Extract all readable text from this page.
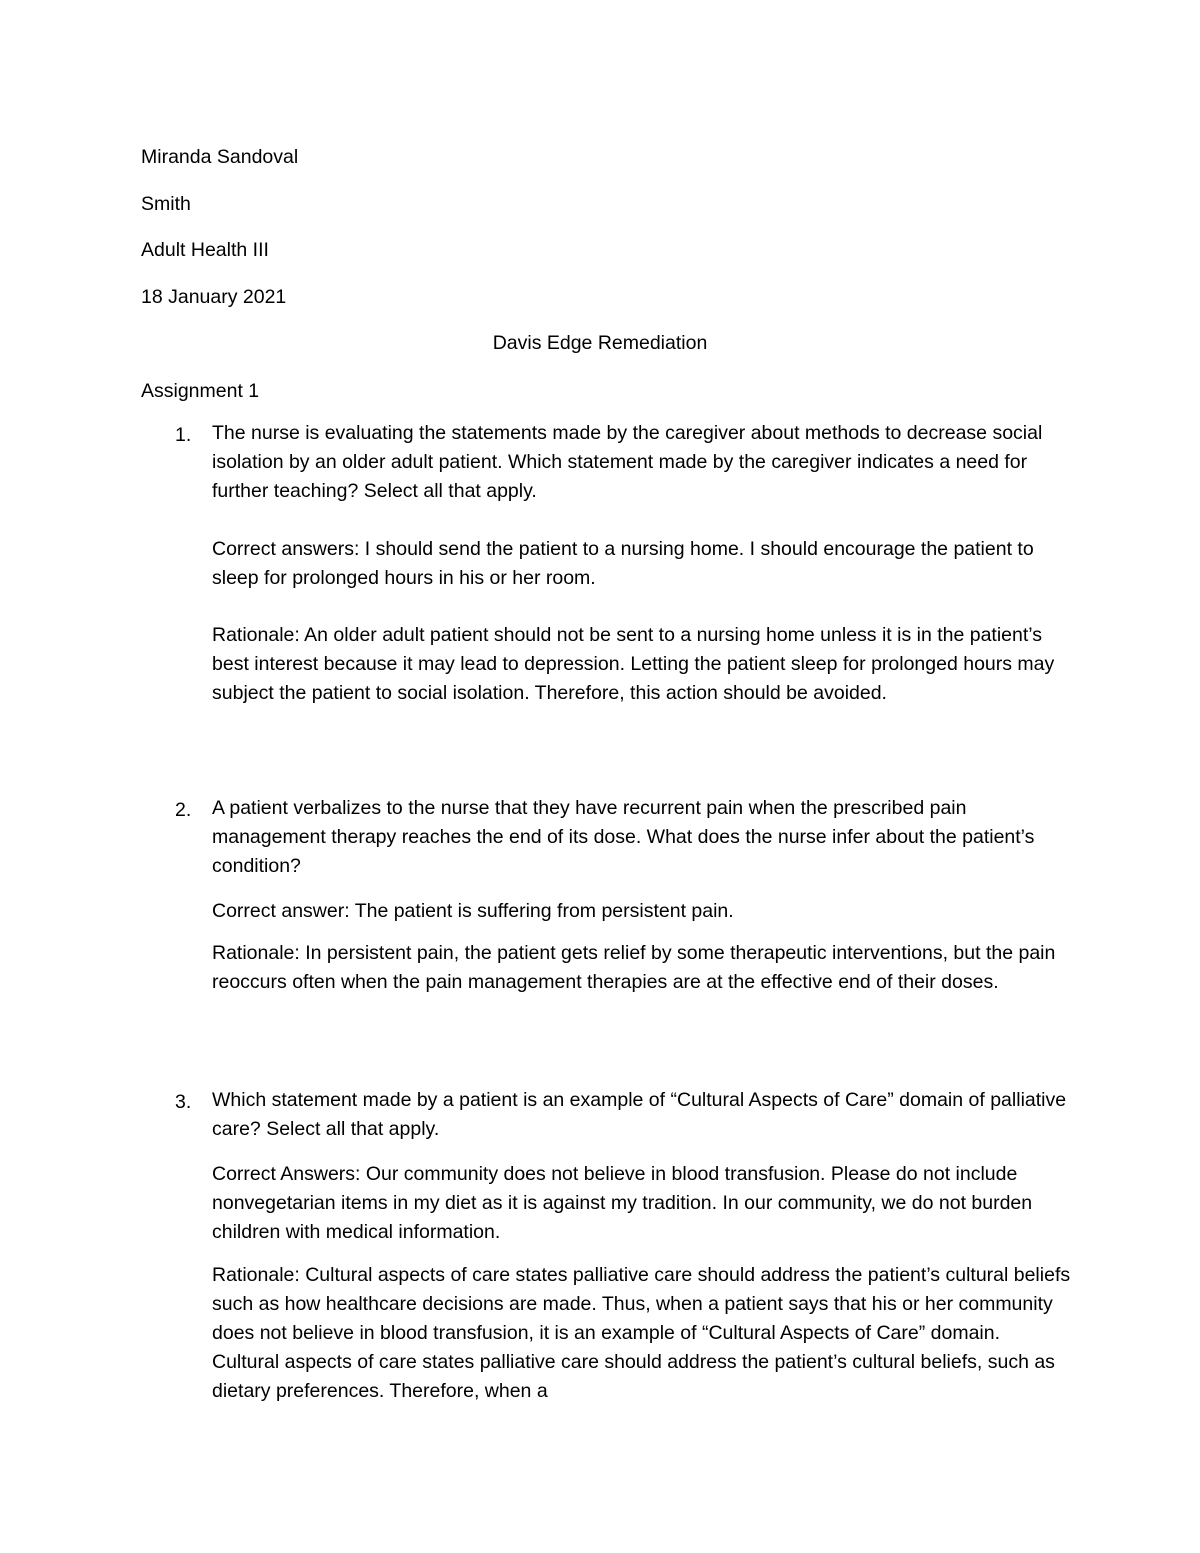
Miranda Sandoval
Smith
Adult Health III
18 January 2021
Davis Edge Remediation
Assignment 1
1. The nurse is evaluating the statements made by the caregiver about methods to decrease social isolation by an older adult patient. Which statement made by the caregiver indicates a need for further teaching? Select all that apply.
Correct answers: I should send the patient to a nursing home. I should encourage the patient to sleep for prolonged hours in his or her room.
Rationale: An older adult patient should not be sent to a nursing home unless it is in the patient’s best interest because it may lead to depression. Letting the patient sleep for prolonged hours may subject the patient to social isolation. Therefore, this action should be avoided.
2. A patient verbalizes to the nurse that they have recurrent pain when the prescribed pain management therapy reaches the end of its dose. What does the nurse infer about the patient’s condition?
Correct answer: The patient is suffering from persistent pain.
Rationale: In persistent pain, the patient gets relief by some therapeutic interventions, but the pain reoccurs often when the pain management therapies are at the effective end of their doses.
3. Which statement made by a patient is an example of “Cultural Aspects of Care” domain of palliative care? Select all that apply.
Correct Answers: Our community does not believe in blood transfusion. Please do not include nonvegetarian items in my diet as it is against my tradition. In our community, we do not burden children with medical information.
Rationale: Cultural aspects of care states palliative care should address the patient’s cultural beliefs such as how healthcare decisions are made. Thus, when a patient says that his or her community does not believe in blood transfusion, it is an example of “Cultural Aspects of Care” domain. Cultural aspects of care states palliative care should address the patient’s cultural beliefs, such as dietary preferences. Therefore, when a
